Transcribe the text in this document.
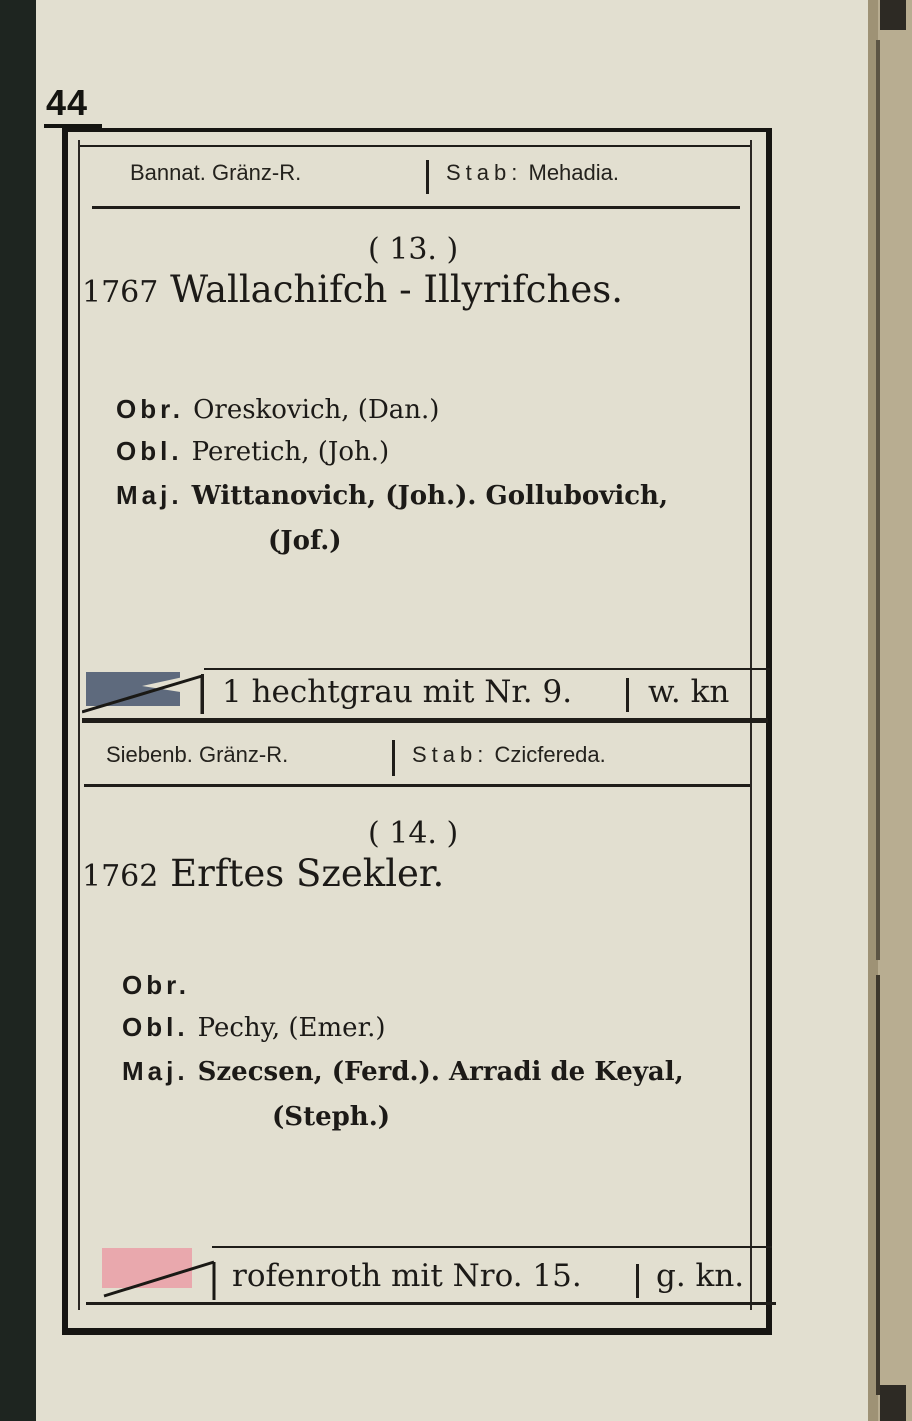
44
Bannat. Gränz-R.	Stab: Mehadia.
( 13. )
1767 Wallachifch - Illyrifches.
Obr. Oreskovich, (Dan.)
Obl. Peretich, (Joh.)
Maj. Wittanovich, (Joh.). Gollubovich,
(Jof.)
1 hechtgrau mit Nr. 9. w. kn
Siebenb. Gränz-R.	Stab: Czicfereda.
( 14. )
1762 Erftes Szekler.
Obr.
Obl. Pechy, (Emer.)
Maj. Szecsen, (Ferd.). Arradi de Keyal,
(Steph.)
rofenroth mit Nro. 15. g. kn.
